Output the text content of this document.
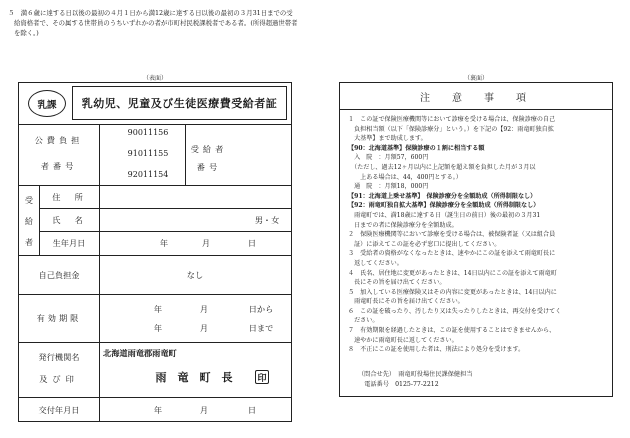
５　満６歳に達する日以後の最初の４月１日から満12歳に達する日以後の最初の３月31日までの受

給資格者で、その属する世帯員のうちいずれかの者が市町村民税課税者である者。(所得超過世帯者

を除く。)

（表面）	（裏面）
乳課	乳幼児、児童及び生徒医療費受給者証
公費負担
者番号
90011156
91011155
92011154
受給者
番号
受
給
者
住　所
氏　名	男・女
生年月日	年	月	日
自己負担金	なし
有効期限
年	月	日から
年	月	日まで
発行機関名
及び印
北海道雨竜郡雨竜町
雨　竜　町　長	印
交付年月日	年	月	日
注　意　事　項

１　この証で保険医療機関等において診療を受ける場合は、保険診療の自己

　負担相当額（以下「保険診療分」という。）を下記の【92：雨竜町独自拡

　大基準】まで助成します。

【90：北海道基準】保険診療の１割に相当する額

　入　院　：月額57，600円

　（ただし、過去12ヶ月以内に上記額を超え額を負担した月が３月以

　　上ある場合は、44，400円とする。）

　通　院　：月額18，000円

【91：北海道上乗せ基準】　保険診療分を全額助成（所得制限なし）

【92：雨竜町独自拡大基準】保険診療分を全額助成（所得制限なし）

　雨竜町では、満18歳に達する日（誕生日の前日）後の最初の３月31

　日までの者に保険診療分を全額助成。

２　保険医療機関等において診療を受ける場合は、被保険者証（又は組合員

　証）に添えてこの証を必ず窓口に提出してください。

３　受給者の資格がなくなったときは、速やかにこの証を添えて雨竜町長に

　返してください。

４　氏名、居住地に変更があったときは、14日以内にこの証を添えて雨竜町

　長にその旨を届け出てください。

５　加入している医療保険又はその内容に変更があったときは、14日以内に

　雨竜町長にその旨を届け出てください。

６　この証を破ったり、汚したり又は失ったりしたときは、再交付を受けてく

　ださい。

７　有効期限を経過したときは、この証を使用することはできませんから、

　速やかに雨竜町長に返してください。

８　不正にこの証を使用した者は、刑法により処分を受けます。

（問合せ先）　 雨竜町役場住民課保健担当
　電話番号　 0125-77-2212
